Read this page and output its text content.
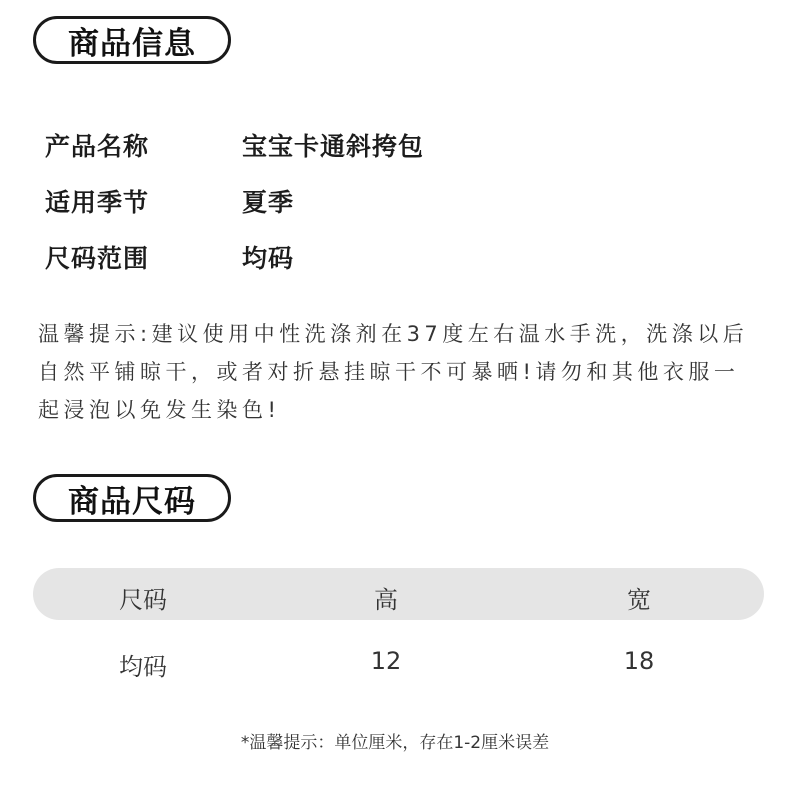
商品信息
产品名称	宝宝卡通斜挎包
适用季节	夏季
尺码范围	均码
温馨提示:建议使用中性洗涤剂在37度左右温水手洗，洗涤以后自然平铺晾干，或者对折悬挂晾干不可暴晒!请勿和其他衣服一起浸泡以免发生染色!
商品尺码
尺码	高	宽
均码	12	18
*温馨提示：单位厘米，存在1-2厘米误差
